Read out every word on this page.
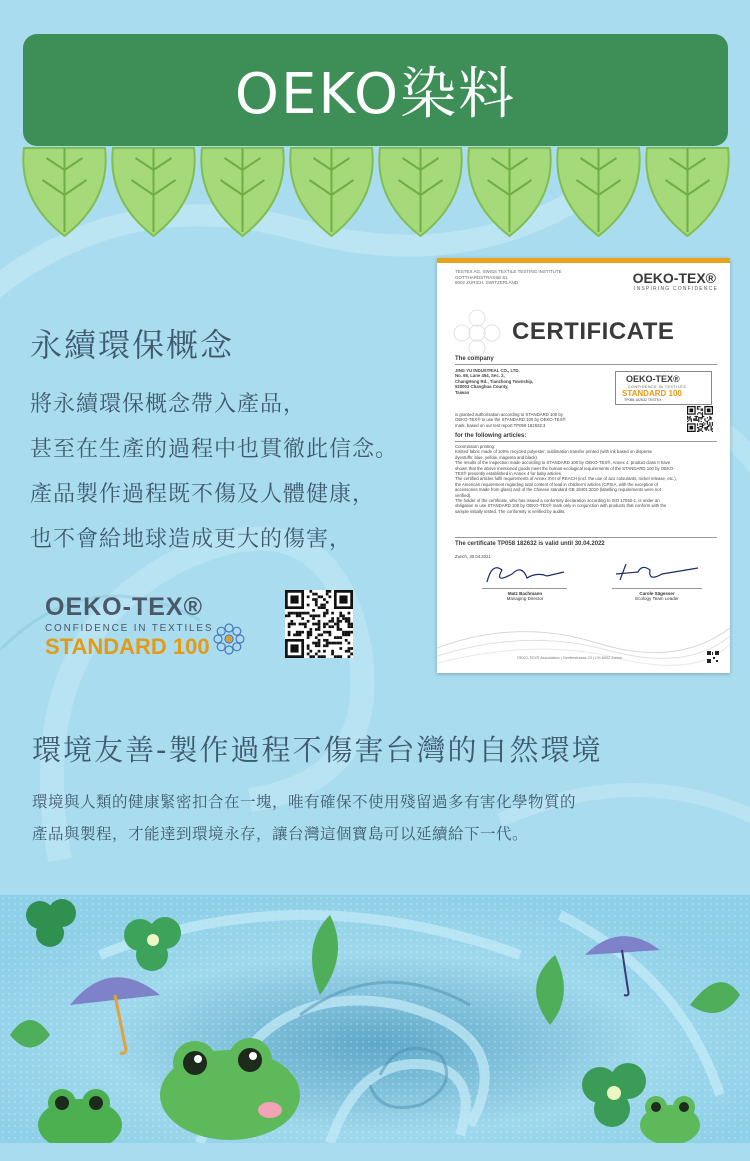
OEKO染料
永續環保概念
將永續環保概念帶入產品，
甚至在生產的過程中也貫徹此信念。
產品製作過程既不傷及人體健康，
也不會給地球造成更大的傷害，
OEKO-TEX®
CONFIDENCE IN TEXTILES
STANDARD 100
TESTEX AG, SWISS TEXTILE TESTING INSTITUTE
GOTTHARDSTRASSE 61
8002 ZURICH, SWITZERLAND	OEKO-TEX®
INSPIRING CONFIDENCE
CERTIFICATE
The company
JING YU INDUSTRIAL CO., LTD.
No. 65, Lane 454, Sec. 2,
ChangHong Rd., Tianzhong Township,
520003 Changhua County,
Taiwan
OEKO-TEX®
CONFIDENCE IN TEXTILES
STANDARD 100
TP058 182632 TESTEX
is granted authorisation according to STANDARD 100 by
OEKO-TEX® to use the STANDARD 100 by OEKO-TEX®
mark, based on our test report TP058 182632.3
for the following articles:
Commission printing:
Knitted fabric made of 100% recycled polyester, sublimation transfer printed (with ink based on disperse
dyestuffs: blue, yellow, magenta and black)
The results of the inspection made according to STANDARD 100 by OEKO-TEX®, Annex 4, product class II have
shown that the above mentioned goods meet the human-ecological requirements of the STANDARD 100 by OEKO-
TEX® presently established in Annex 4 for baby articles.
The certified articles fulfil requirements of Annex XVII of REACH (incl. the use of azo colourants, nickel release, etc.),
the American requirement regarding total content of lead in children's articles (CPSIA, with the exception of
accessories made from glass) and of the Chinese standard GB 18401:2010 (labelling requirements were not
verified).
The holder of the certificate, who has issued a conformity declaration according to ISO 17050-1, is under an
obligation to use STANDARD 100 by OEKO-TEX® mark only in conjunction with products that conform with the
sample initially tested. The conformity is verified by audits.
The certificate TP058 182632 is valid until 30.04.2022
Zurich, 30.04.2021
Matz Bachmann
Managing Director
Carole Sägesser
Ecology Team Leader
OEKO-TEX® Association | Genferstrasse 23 | CH-8002 Zurich
環境友善-製作過程不傷害台灣的自然環境
環境與人類的健康緊密扣合在一塊，唯有確保不使用殘留過多有害化學物質的
產品與製程，才能達到環境永存，讓台灣這個寶島可以延續給下一代。
